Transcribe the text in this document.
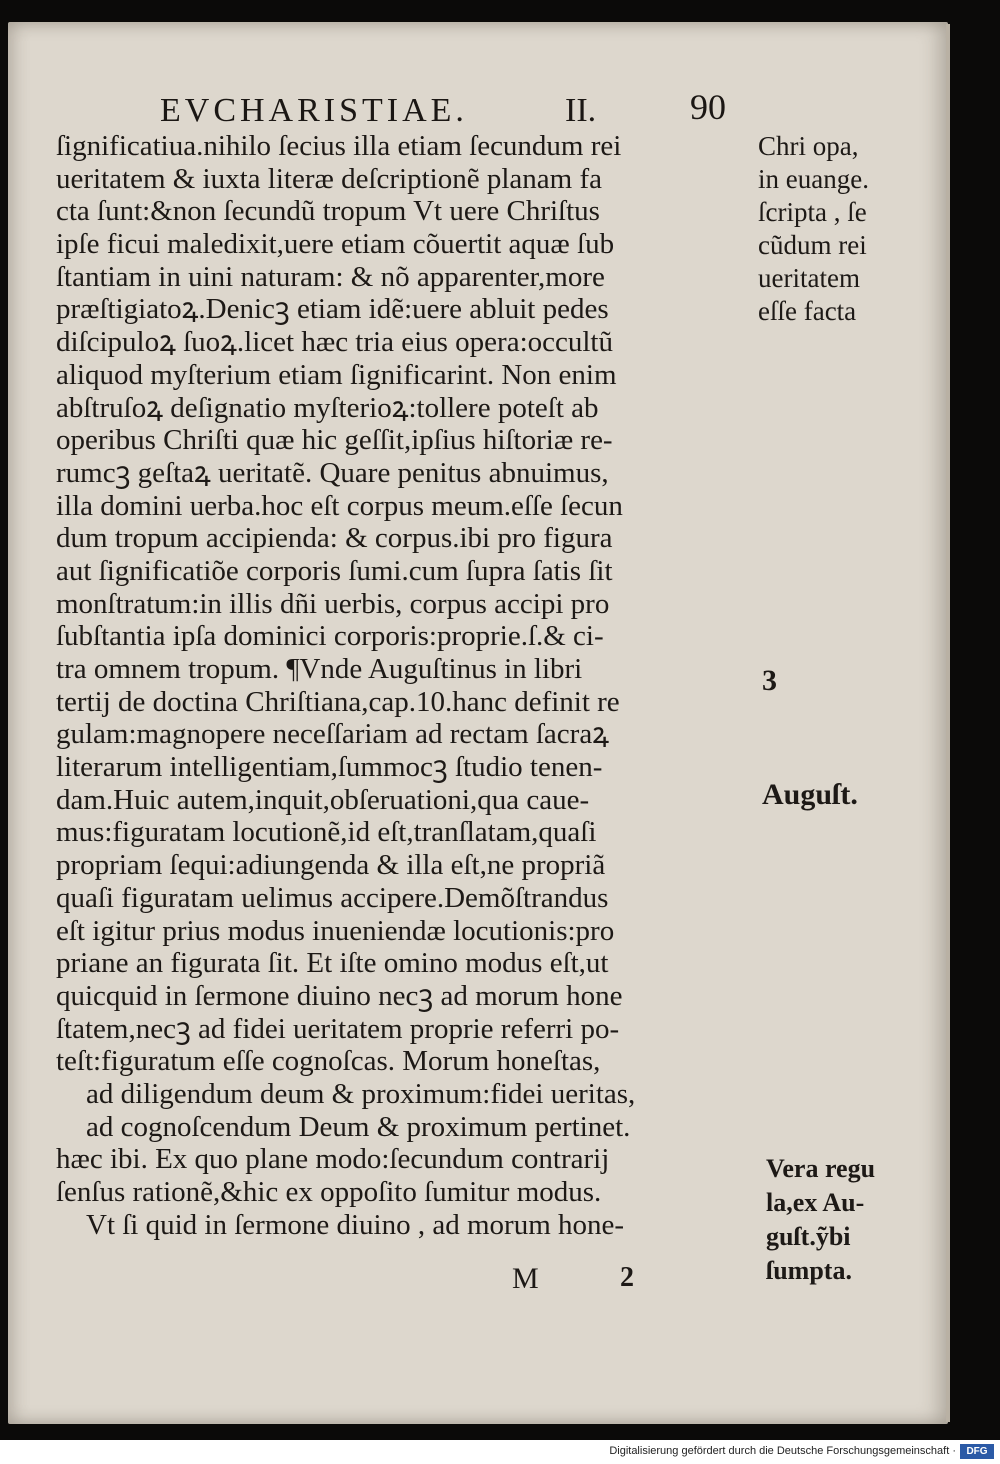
EVCHARISTIAE.	II.	90
ſignificatiua.nihilo ſecius illa etiam ſecundum rei
ueritatem & iuxta literæ deſcriptionẽ planam fa
cta ſunt:&non ſecundũ tropum Vt uere Chriſtus
ipſe ficui maledixit,uere etiam cõuertit aquæ ſub
ſtantiam in uini naturam: & nõ apparenter,more
præſtigiatoꝝ.Denicꝫ etiam idẽ:uere abluit pedes
diſcipuloꝝ ſuoꝝ.licet hæc tria eius opera:occultũ
aliquod myſterium etiam ſignificarint. Non enim
abſtruſoꝝ deſignatio myſterioꝝ:tollere poteſt ab
operibus Chriſti quæ hic geſſit,ipſius hiſtoriæ re-
rumcꝫ geſtaꝝ ueritatẽ. Quare penitus abnuimus,
illa domini uerba.hoc eſt corpus meum.eſſe ſecun
dum tropum accipienda: & corpus.ibi pro figura
aut ſignificatiõe corporis ſumi.cum ſupra ſatis ſit
monſtratum:in illis dñi uerbis, corpus accipi pro
ſubſtantia ipſa dominici corporis:proprie.ſ.& ci-
tra omnem tropum. ¶Vnde Auguſtinus in libri
tertij de doctina Chriſtiana,cap.10.hanc definit re
gulam:magnopere neceſſariam ad rectam ſacraꝝ
literarum intelligentiam,ſummocꝫ ſtudio tenen-
dam.Huic autem,inquit,obſeruationi,qua caue-
mus:figuratam locutionẽ,id eſt,tranſlatam,quaſi
propriam ſequi:adiungenda & illa eſt,ne propriã
quaſi figuratam uelimus accipere.Demõſtrandus
eſt igitur prius modus inueniendæ locutionis:pro
priane an figurata ſit. Et iſte omino modus eſt,ut
quicquid in ſermone diuino necꝫ ad morum hone
ſtatem,necꝫ ad fidei ueritatem proprie referri po-
teſt:figuratum eſſe cognoſcas. Morum honeſtas,
ad diligendum deum & proximum:fidei ueritas,
ad cognoſcendum Deum & proximum pertinet.
hæc ibi. Ex quo plane modo:ſecundum contrarij
ſenſus rationẽ,&hic ex oppoſito ſumitur modus.
Vt ſi quid in ſermone diuino , ad morum hone-
M	2
Chri opa,
in euange.
ſcripta , ſe
cũdum rei
ueritatem
eſſe facta
3
Auguſt.
Vera regu
la,ex Au-
guſt.ỹbi
ſumpta.
Digitalisierung gefördert durch die Deutsche Forschungsgemeinschaft ·	DFG
